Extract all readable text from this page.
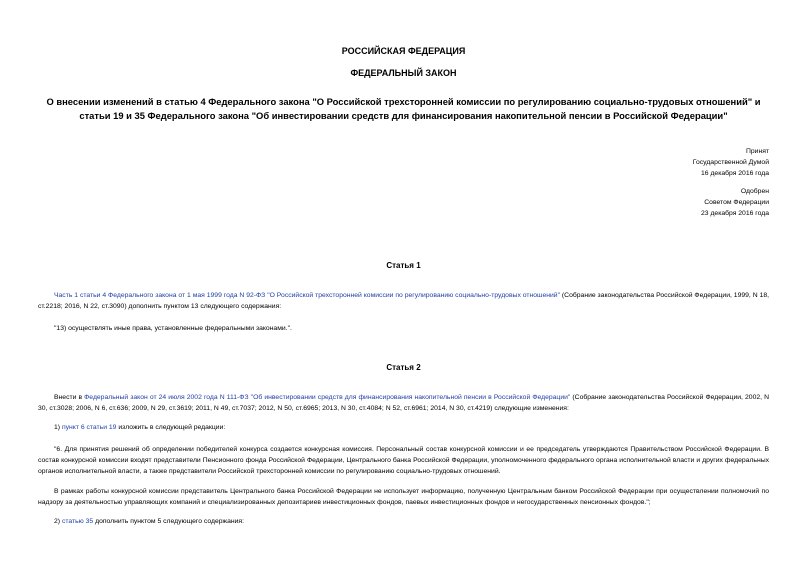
РОССИЙСКАЯ ФЕДЕРАЦИЯ
ФЕДЕРАЛЬНЫЙ ЗАКОН
О внесении изменений в статью 4 Федерального закона "О Российской трехсторонней комиссии по регулированию социально-трудовых отношений" и статьи 19 и 35 Федерального закона "Об инвестировании средств для финансирования накопительной пенсии в Российской Федерации"
Принят
Государственной Думой
16 декабря 2016 года
Одобрен
Советом Федерации
23 декабря 2016 года
Статья 1
Часть 1 статьи 4 Федерального закона от 1 мая 1999 года N 92-ФЗ "О Российской трехсторонней комиссии по регулированию социально-трудовых отношений" (Собрание законодательства Российской Федерации, 1999, N 18, ст.2218; 2016, N 22, ст.3090) дополнить пунктом 13 следующего содержания:
"13) осуществлять иные права, установленные федеральными законами.".
Статья 2
Внести в Федеральный закон от 24 июля 2002 года N 111-ФЗ "Об инвестировании средств для финансирования накопительной пенсии в Российской Федерации" (Собрание законодательства Российской Федерации, 2002, N 30, ст.3028; 2006, N 6, ст.636; 2009, N 29, ст.3619; 2011, N 49, ст.7037; 2012, N 50, ст.6965; 2013, N 30, ст.4084; N 52, ст.6961; 2014, N 30, ст.4219) следующие изменения:
1) пункт 6 статьи 19 изложить в следующей редакции:
"6. Для принятия решений об определении победителей конкурса создается конкурсная комиссия. Персональный состав конкурсной комиссии и ее председатель утверждаются Правительством Российской Федерации. В состав конкурсной комиссии входят представители Пенсионного фонда Российской Федерации, Центрального банка Российской Федерации, уполномоченного федерального органа исполнительной власти и других федеральных органов исполнительной власти, а также представители Российской трехсторонней комиссии по регулированию социально-трудовых отношений.
В рамках работы конкурсной комиссии представитель Центрального банка Российской Федерации не использует информацию, полученную Центральным банком Российской Федерации при осуществлении полномочий по надзору за деятельностью управляющих компаний и специализированных депозитариев инвестиционных фондов, паевых инвестиционных фондов и негосударственных пенсионных фондов.";
2) статью 35 дополнить пунктом 5 следующего содержания:
